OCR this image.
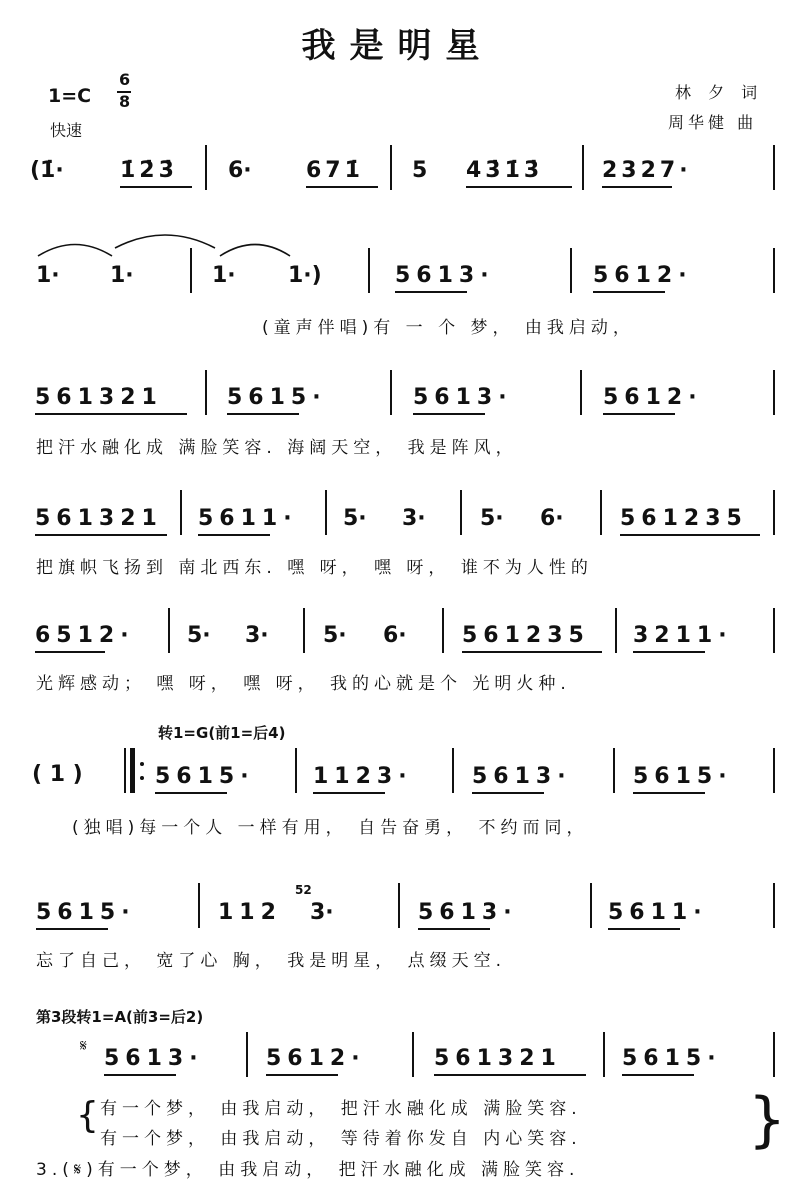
我是明星
1=C
6
8
快速
林 夕 词
周华健 曲
(1̇·	1̇2̇3̇ 6· 671̇ 5 43̇1̇3̇	2327·
1· 1·	1· 1·)	5613·	5612·
(童声伴唱)有 一 个 梦， 由我启动，
561321	5615·	5613·	5612·
把汗水融化成 满脸笑容. 海阔天空， 我是阵风，
561321 5611· 5· 3· 5· 6·	561235
把旗帜飞扬到 南北西东. 嘿 呀， 嘿 呀， 谁不为人性的
6512· 5· 3· 5· 6·	561235 3211·
光辉感动； 嘿 呀， 嘿 呀， 我的心就是个 光明火种.
转1=G(前1=后4)
( 1 )	5615·	1123·	5613·	5615·
(独唱)每一个人 一样有用， 自告奋勇， 不约而同，
5615·	112
52
3·	5613·	5611·
忘了自己， 宽了心 胸， 我是明星， 点缀天空.
第3段转1=A(前3=后2)
𝄋
5613·	5612·	561321	5615·
{ 有一个梦， 由我启动， 把汗水融化成 满脸笑容.
有一个梦， 由我启动， 等待着你发自 内心笑容.
3.(𝄋)有一个梦， 由我启动， 把汗水融化成 满脸笑容.
}
